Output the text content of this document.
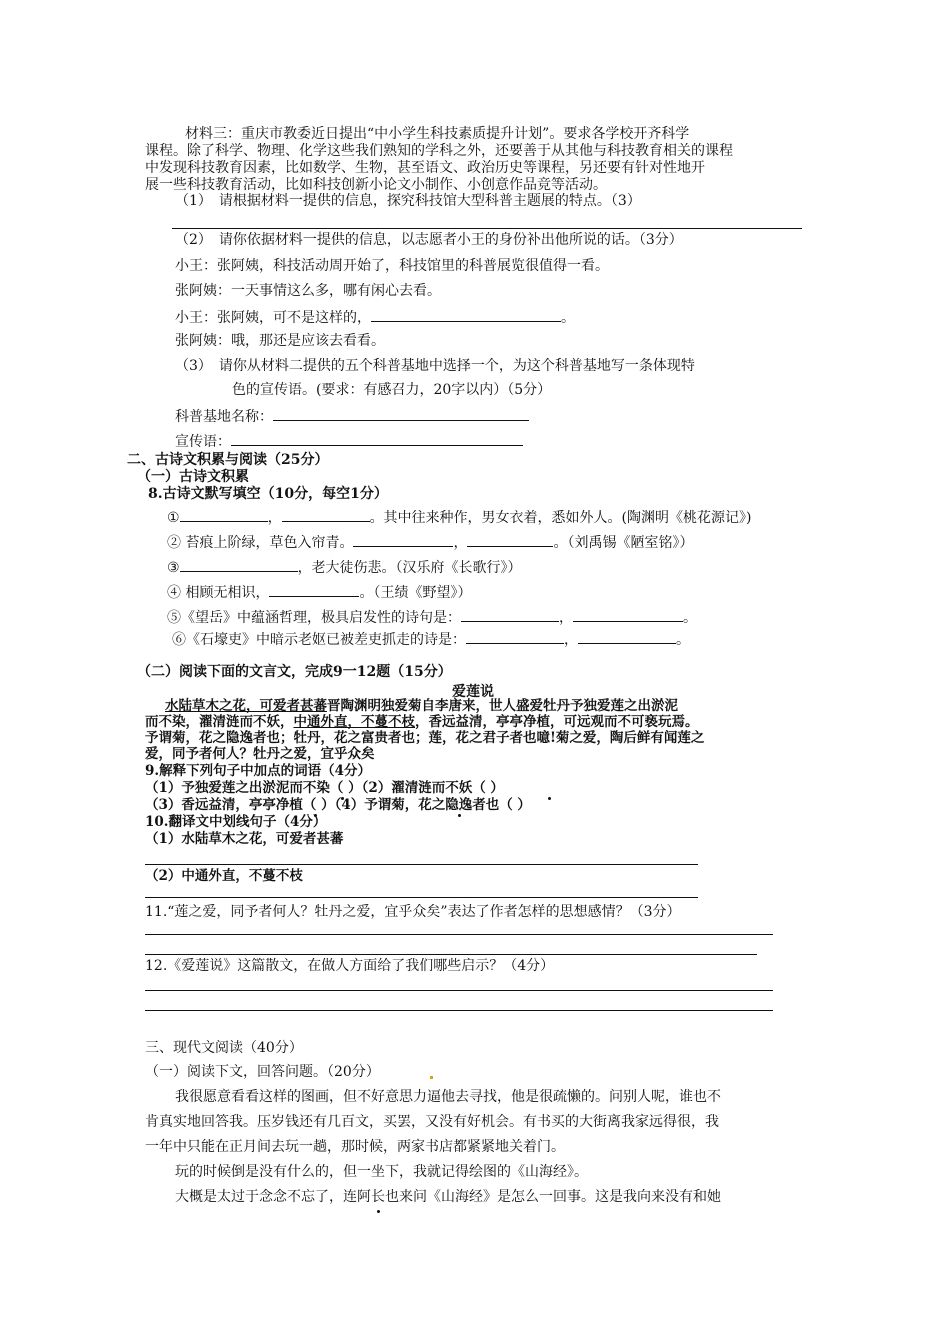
材料三：重庆市教委近日提出“中小学生科技素质提升计划”。要求各学校开齐科学
课程。除了科学、物理、化学这些我们熟知的学科之外，还要善于从其他与科技教育相关的课程
中发现科技教育因素，比如数学、生物，甚至语文、政治历史等课程，另还要有针对性地开
展一些科技教育活动，比如科技创新小论文小制作、小创意作品竞等活动。
（1）　请根据材料一提供的信息，探究科技馆大型科普主题展的特点。（3）
（2）　请你依据材料一提供的信息，以志愿者小王的身份补出他所说的话。（3分）
小王：张阿姨，科技活动周开始了，科技馆里的科普展览很值得一看。
张阿姨：一天事情这么多，哪有闲心去看。
小王：张阿姨，可不是这样的，	。
张阿姨：哦，那还是应该去看看。
（3）　请你从材料二提供的五个科普基地中选择一个，为这个科普基地写一条体现特
色的宣传语。(要求：有感召力，20字以内）（5分）
科普基地名称：
宣传语：
二、古诗文积累与阅读（25分）
（一）古诗文积累
8.古诗文默写填空（10分，每空1分）
①	，	。其中往来种作，男女衣着，悉如外人。(陶渊明《桃花源记》)
② 苔痕上阶绿，草色入帘青。	，	。（刘禹锡《陋室铭》）
③	，老大徒伤悲。（汉乐府《长歌行》）
④ 相顾无相识，	。（王绩《野望》）
⑤《望岳》中蕴涵哲理，极具启发性的诗句是：	，	。
⑥《石壕吏》中暗示老妪已被差吏抓走的诗是：	，	。
（二）阅读下面的文言文，完成9一12题（15分）
爱莲说
水陆草木之花，可爱者甚蕃晋陶渊明独爱菊自李唐来，世人盛爱牡丹予独爱莲之出淤泥
而不染，濯清涟而不妖，中通外直，不蔓不枝，香远益清，亭亭净植，可远观而不可亵玩焉。
予谓菊，花之隐逸者也；牡丹，花之富贵者也；莲，花之君子者也噫!菊之爱，陶后鲜有闻莲之
爱，同予者何人？牡丹之爱，宜乎众矣
9.解释下列句子中加点的词语（4分）
（1）予独爱莲之出淤泥而不染（ ）（2）濯清涟而不妖（ ）
（3）香远益清，亭亭净植（ ）（4）予谓菊，花之隐逸者也（ ）
10.翻译文中划线句子（4分）
（1）水陆草木之花，可爱者甚蕃
（2）中通外直，不蔓不枝
11.“莲之爱，同予者何人？牡丹之爱，宜乎众矣”表达了作者怎样的思想感情？（3分）
12.《爱莲说》这篇散文，在做人方面给了我们哪些启示？（4分）
三、现代文阅读（40分）
（一）阅读下文，回答问题。（20分）
我很愿意看看这样的图画，但不好意思力逼他去寻找，他是很疏懒的。问别人呢，谁也不
肯真实地回答我。压岁钱还有几百文，买罢，又没有好机会。有书买的大街离我家远得很，我
一年中只能在正月间去玩一趟，那时候，两家书店都紧紧地关着门。
玩的时候倒是没有什么的，但一坐下，我就记得绘图的《山海经》。
大概是太过于念念不忘了，连阿长也来问《山海经》是怎么一回事。这是我向来没有和她
